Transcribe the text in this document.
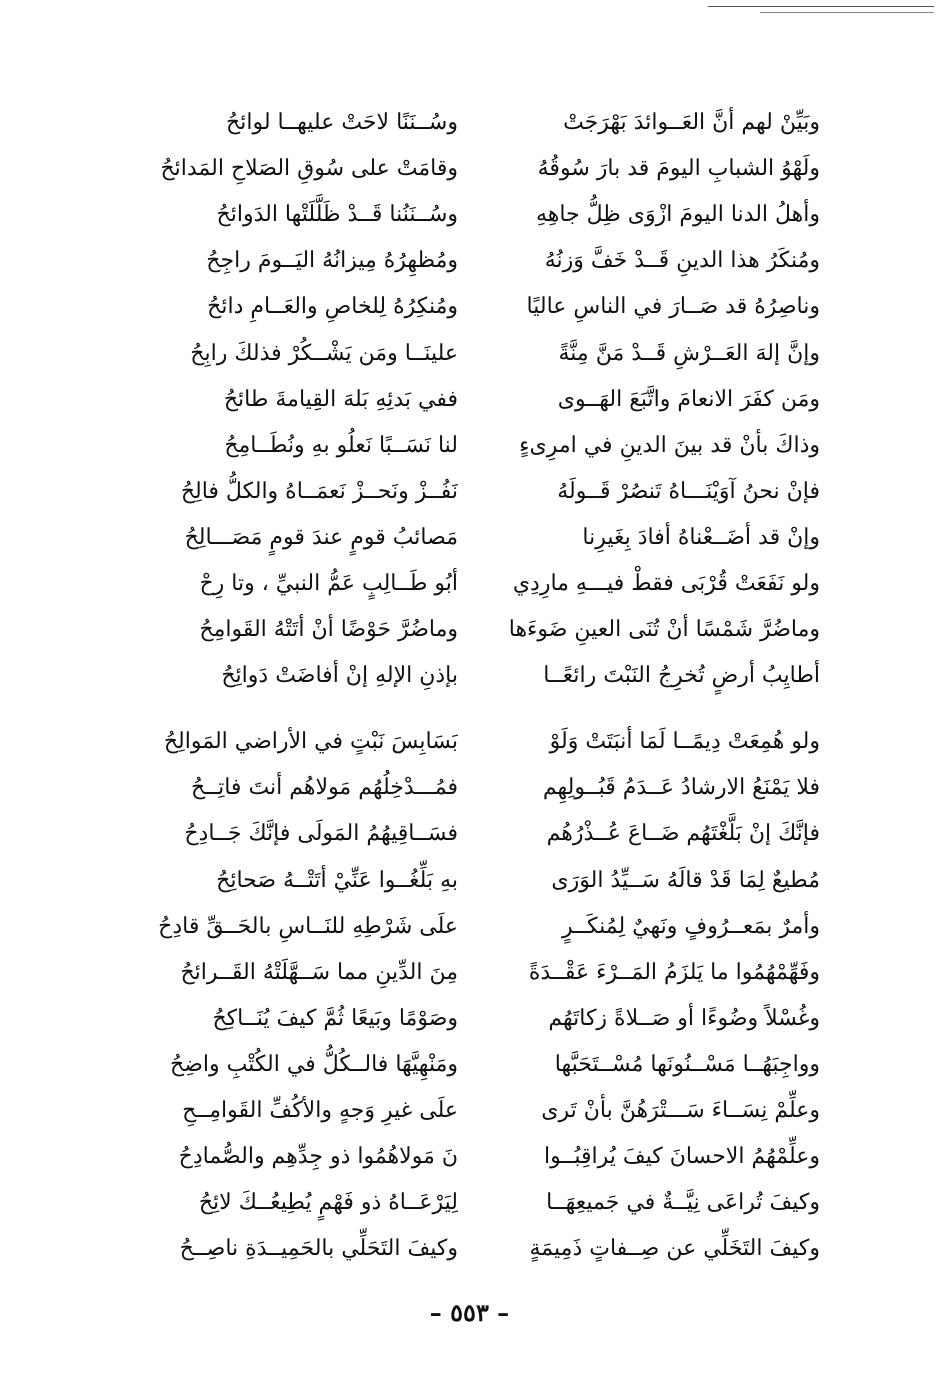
وبَيِّنْ لهم أنَّ العَــوائدَ بَهْرَجَتْ
وسُــنَنًا لاحَتْ عليهــا لوائحُ
ولَهْوُ الشبابِ اليومَ قد بارَ سُوقُهُ
وقامَتْ على سُوقِ الصَلاحِ المَدائحُ
وأهلُ الدنا اليومَ ازْوَى ظِلُّ جاهِهِ
وسُــنَنُنا قَــدْ ظَلَّلَتْها الدَوائحُ
ومُنكَرُ هذا الدينِ قَــدْ خَفَّ وَزنُهُ
ومُظهِرُهُ مِيزانُهُ اليَــومَ راجِحُ
وناصِرُهُ قد صَــارَ في الناسِ عاليًا
ومُنكِرُهُ لِلخاصِ والعَــامِ دائحُ
وإنَّ إلهَ العَــرْشِ قَــدْ مَنَّ مِنَّةً
علينَــا ومَن يَشْــكُرْ فذلكَ رابِحُ
ومَن كفَرَ الانعامَ واتَّبَعَ الهَــوى
ففي بَدئِهِ بَلهَ القِيامةَ طائحُ
وذاكَ بأنْ قد بينَ الدينِ في امرِىءٍ
لنا نَسَــبًا نَعلُو بهِ ونُطَــامِحُ
فإنْ نحنُ آوَيْنَـــاهُ تَنصُرْ قَــولَهُ
نَفُــزْ ونَحــزْ نَعمَــاهُ والكلُّ فالِحُ
وإنْ قد أضَــعْناهُ أفادَ بِغَيرِنا
مَصائبُ قومٍ عندَ قومٍ مَصَـــالِحُ
ولو نَفَعَتْ قُرْبَى فقطْ فيـــهِ مارِدِي
أبُو طَــالِبٍ عَمُّ النبيِّ ، وتا رِحْ
وماضُرَّ شَمْسًا أنْ تُنَى العينِ ضَوءَها
وماضُرَّ حَوْضًا أنْ أتَتْهُ القَوامِحُ
أطايِبُ أرضٍ تُخرِجُ النَبْتَ رائعًــا
بإذنِ الإلهِ إنْ أفاضَتْ دَوائِحُ
ولو هُمِعَتْ دِيمًــا لَمَا أنبَتَتْ وَلَوْ
بَسَابِسَ نَبْتٍ في الأراضي المَوالِحُ
فلا يَمْنَعُ الارشادُ عَــدَمُ قَبُــولِهِم
فمُـــدْخِلُهُم مَولاهُم أنتَ فاتِــحُ
فإنَّكَ إنْ بَلَّغْتَهُم ضَــاعَ عُــذْرُهُم
فسَــاقِيهُمُ المَولَى فإنَّكَ جَــادِحُ
مُطيعٌ لِمَا قَدْ قالَهُ سَــيِّدُ الوَرَى
بهِ بَلِّغُــوا عَنِّيْ أتَتْــهُ صَحائِحُ
وأمرٌ بمَعــرُوفٍ ونَهيٌ لِمُنكَــرٍ
علَى شَرْطِهِ للنَــاسِ بالحَــقِّ قادِحُ
وفَهِّمْهُمُوا ما يَلزَمُ المَــرْءَ عَقْــدَةً
مِنَ الدِّينِ مما سَــهَّلَتْهُ القَــرائحُ
وغُسْلاً وضُوءًا أو صَــلاةً زكاتَهُم
وصَوْمًا وبَيعًا ثُمَّ كيفَ يُنَــاكِحُ
وواجِبَهُــا مَسْــنُونَها مُسْــتَحَبَّها
ومَنْهِيَّهَا فالــكُلُّ في الكُتْبِ واضِحُ
وعلِّمْ نِسَــاءَ سَـــتْرَهُنَّ بأنْ تَرى
علَى غيرِ وَجهٍ والأكُفِّ القَوامِــحِ
وعلِّمْهُمُ الاحسانَ كيفَ يُراقِبُــوا
نَ مَولاهُمُوا ذو جِدِّهِم والصُّمادِحُ
وكيفَ تُراعَى نِيَّــةٌ في جَميعِهَــا
لِيَرْعَــاهُ ذو فَهْمٍ يُطِيعُــكَ لائِحُ
وكيفَ التَخَلِّي عن صِــفاتٍ ذَمِيمَةٍ
وكيفَ التَحَلِّي بالحَمِيــدَةِ ناصِــحُ
– ٥٥٣ –
